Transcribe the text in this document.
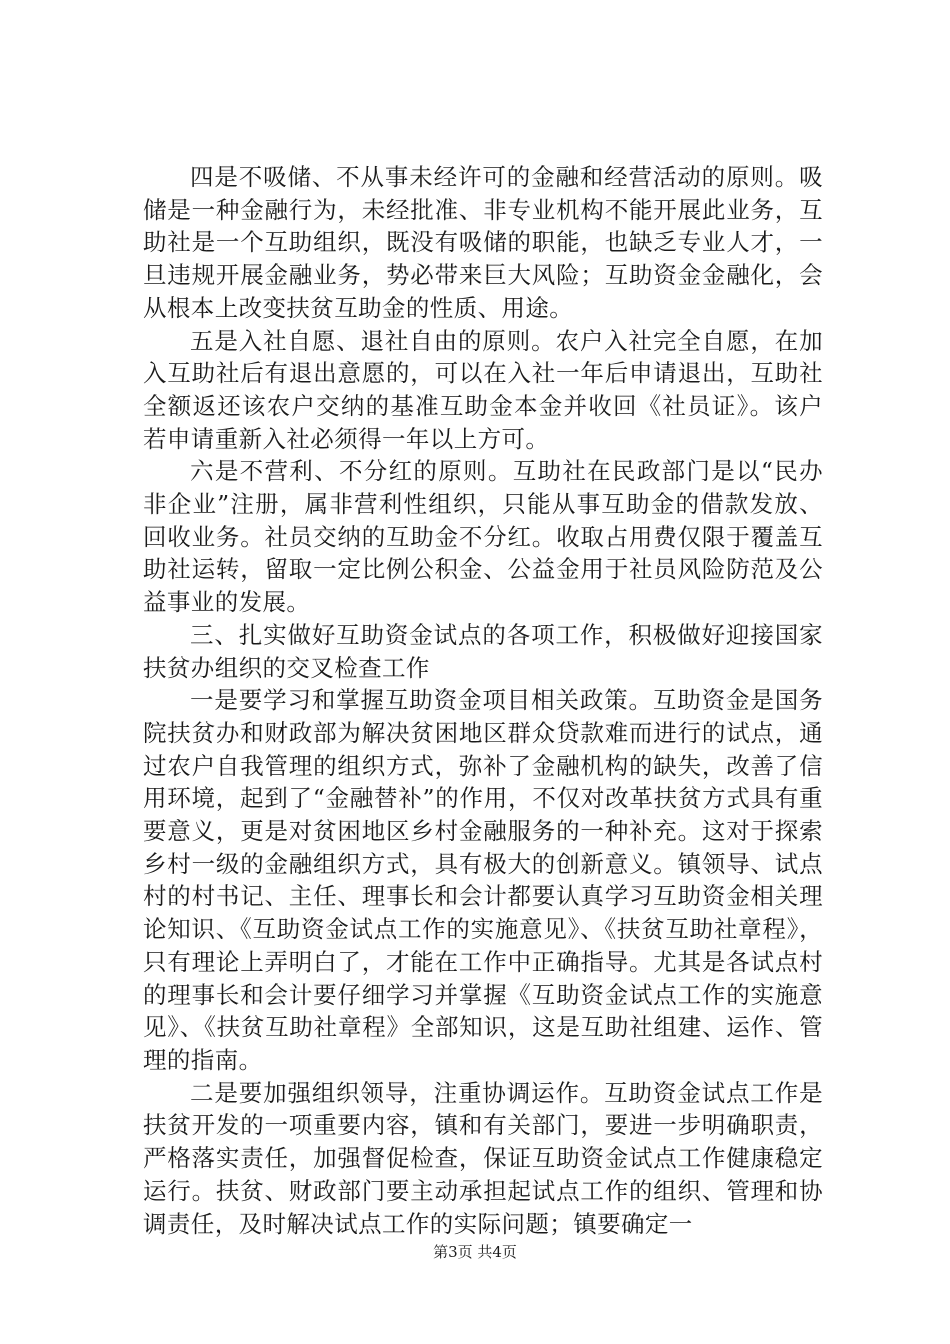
四是不吸储、不从事未经许可的金融和经营活动的原则。吸储是一种金融行为，未经批准、非专业机构不能开展此业务，互助社是一个互助组织，既没有吸储的职能，也缺乏专业人才，一旦违规开展金融业务，势必带来巨大风险；互助资金金融化，会从根本上改变扶贫互助金的性质、用途。

五是入社自愿、退社自由的原则。农户入社完全自愿，在加入互助社后有退出意愿的，可以在入社一年后申请退出，互助社全额返还该农户交纳的基准互助金本金并收回《社员证》。该户若申请重新入社必须得一年以上方可。

六是不营利、不分红的原则。互助社在民政部门是以“民办非企业”注册，属非营利性组织，只能从事互助金的借款发放、回收业务。社员交纳的互助金不分红。收取占用费仅限于覆盖互助社运转，留取一定比例公积金、公益金用于社员风险防范及公益事业的发展。

三、扎实做好互助资金试点的各项工作，积极做好迎接国家扶贫办组织的交叉检查工作

一是要学习和掌握互助资金项目相关政策。互助资金是国务院扶贫办和财政部为解决贫困地区群众贷款难而进行的试点，通过农户自我管理的组织方式，弥补了金融机构的缺失，改善了信用环境，起到了“金融替补”的作用，不仅对改革扶贫方式具有重要意义，更是对贫困地区乡村金融服务的一种补充。这对于探索乡村一级的金融组织方式，具有极大的创新意义。镇领导、试点村的村书记、主任、理事长和会计都要认真学习互助资金相关理论知识、《互助资金试点工作的实施意见》、《扶贫互助社章程》，只有理论上弄明白了，才能在工作中正确指导。尤其是各试点村的理事长和会计要仔细学习并掌握《互助资金试点工作的实施意见》、《扶贫互助社章程》全部知识，这是互助社组建、运作、管理的指南。

二是要加强组织领导，注重协调运作。互助资金试点工作是扶贫开发的一项重要内容，镇和有关部门，要进一步明确职责，严格落实责任，加强督促检查，保证互助资金试点工作健康稳定运行。扶贫、财政部门要主动承担起试点工作的组织、管理和协调责任，及时解决试点工作的实际问题；镇要确定一

第3页 共4页
